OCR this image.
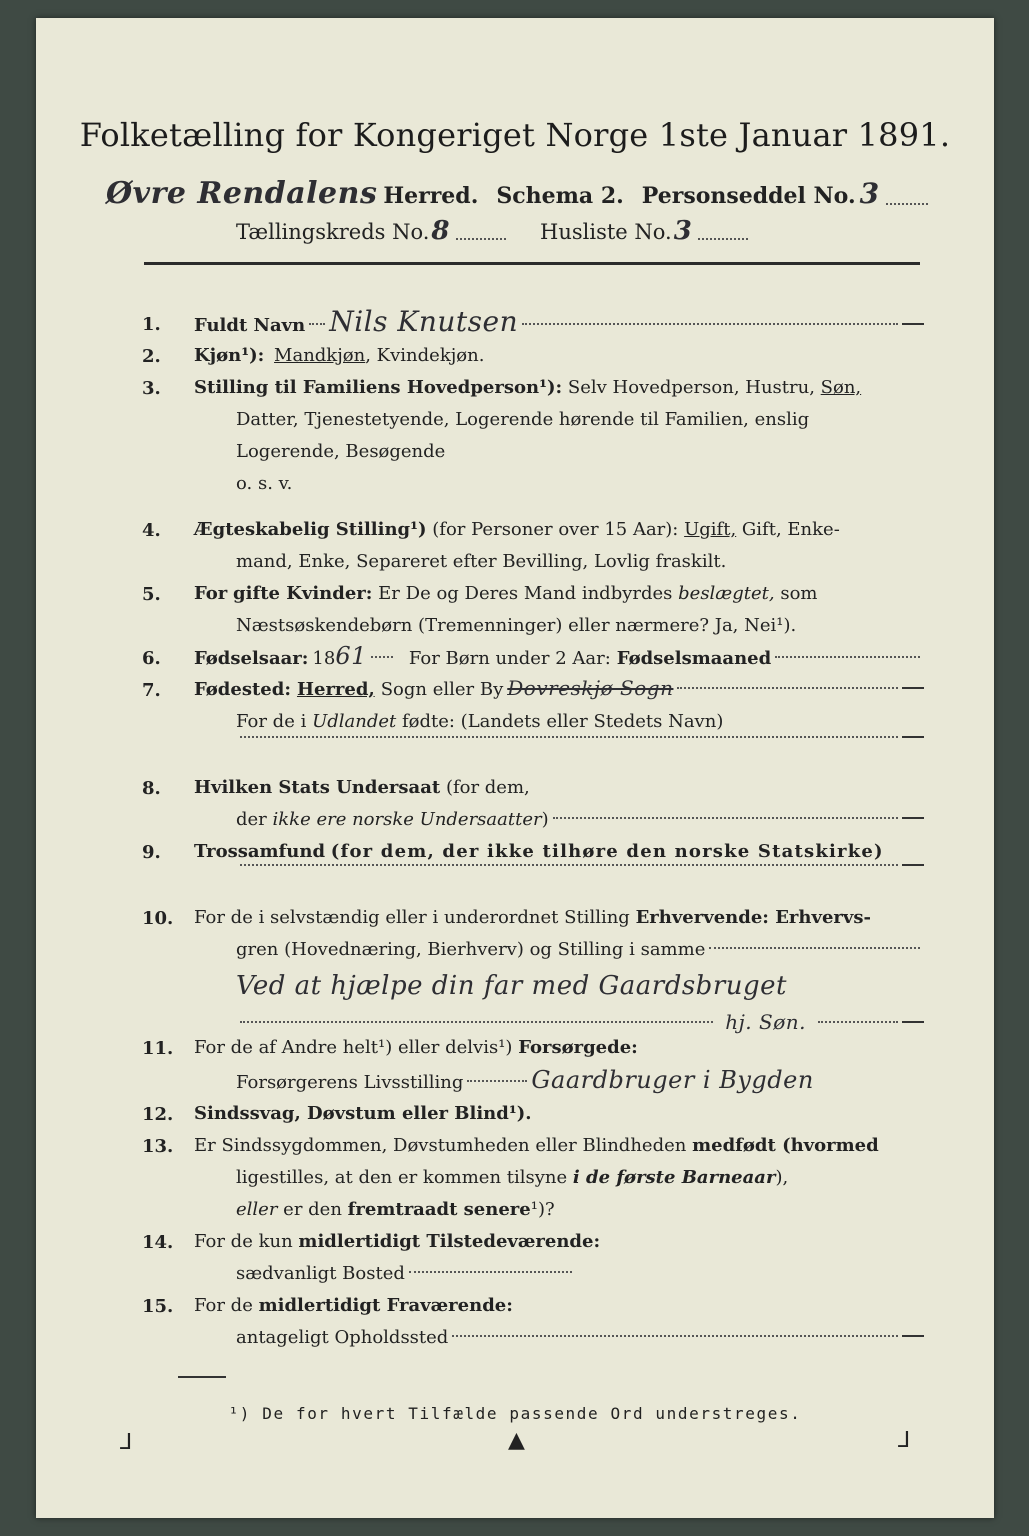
Folketælling for Kongeriget Norge 1ste Januar 1891.
Øvre Rendalens Herred. Schema 2. Personseddel No. 3
Tællingskreds No. 8	Husliste No. 3
1.	Fuldt Navn Nils Knutsen
2.	Kjøn¹): Mandkjøn, Kvindekjøn.
3.	Stilling til Familiens Hovedperson¹): Selv Hovedperson, Hustru, Søn,
Datter, Tjenestetyende, Logerende hørende til Familien, enslig
Logerende, Besøgende
o. s. v.
4.	Ægteskabelig Stilling¹) (for Personer over 15 Aar): Ugift, Gift, Enke-
mand, Enke, Separeret efter Bevilling, Lovlig fraskilt.
5.	For gifte Kvinder: Er De og Deres Mand indbyrdes beslægtet, som
Næstsøskendebørn (Tremenninger) eller nærmere? Ja, Nei¹).
6.	Fødselsaar: 18 61 For Børn under 2 Aar: Fødselsmaaned
7.	Fødested: Herred, Sogn eller By Dovreskjø Sogn
For de i Udlandet fødte: (Landets eller Stedets Navn)
8.	Hvilken Stats Undersaat (for dem,
der
ikke ere norske Undersaatter )
9.	Trossamfund (for dem, der ikke tilhøre den norske Statskirke)
10.	For de i selvstændig eller i underordnet Stilling Erhvervende: Erhvervs-
gren (Hovednæring, Bierhverv) og Stilling i samme
Ved at hjælpe din far med Gaardsbruget
hj. Søn.
11.	For de af Andre helt¹) eller delvis¹) Forsørgede:
Forsørgerens Livsstilling	Gaardbruger i Bygden
12.	Sindssvag, Døvstum eller Blind¹).
13.	Er Sindssygdommen, Døvstumheden eller Blindheden medfødt (hvormed
ligestilles, at den er kommen tilsyne i de første Barneaar),
eller er den fremtraadt senere¹)?
14.	For de kun midlertidigt Tilstedeværende:
sædvanligt Bosted
15.	For de midlertidigt Fraværende:
antageligt Opholdssted
¹) De for hvert Tilfælde passende Ord understreges.
⅃	▲	⅃
